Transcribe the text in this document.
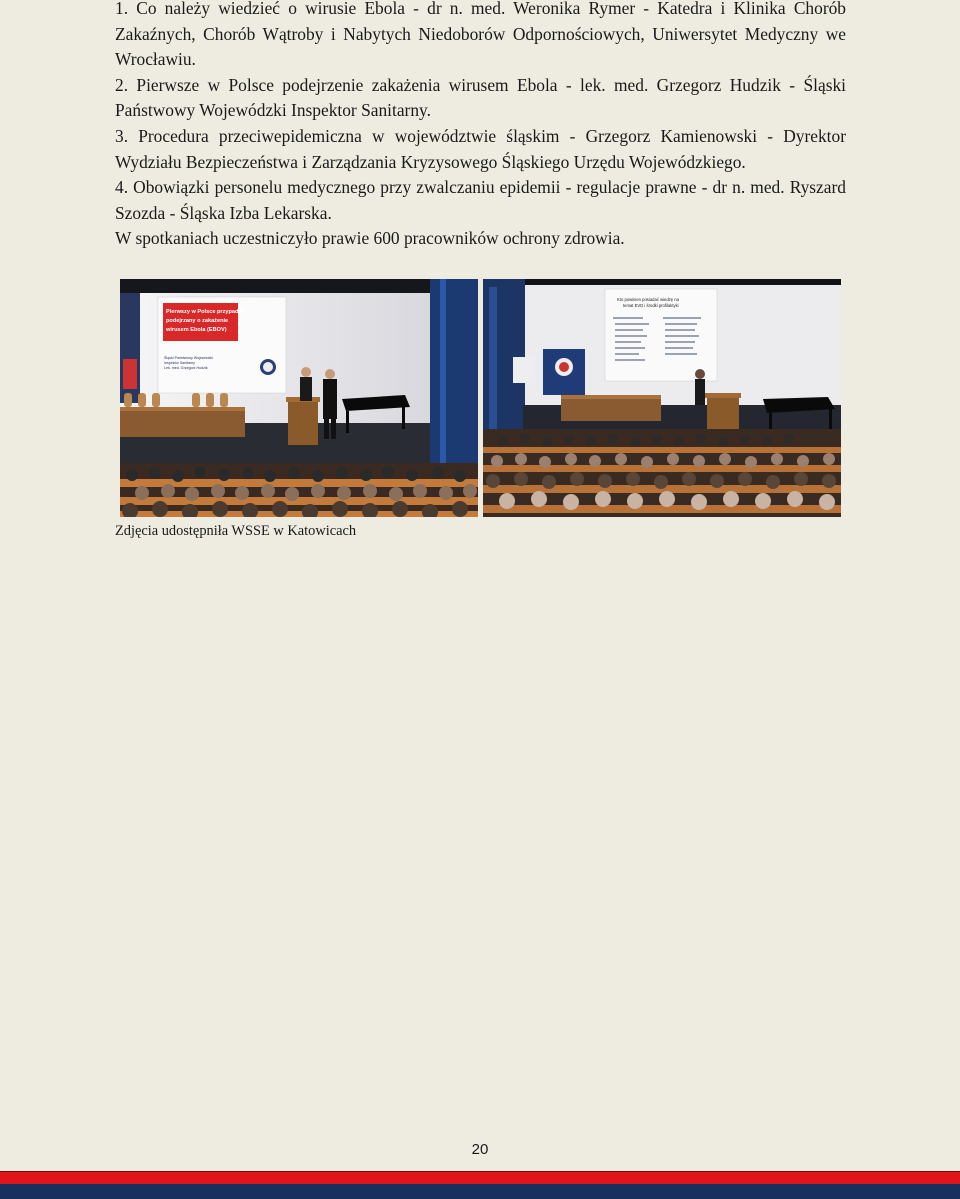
1. Co należy wiedzieć o wirusie Ebola - dr n. med. Weronika Rymer - Katedra i Klinika Chorób Zakaźnych, Chorób Wątroby i Nabytych Niedoborów Odpornościowych, Uniwersytet Medyczny we Wrocławiu.

2. Pierwsze w Polsce podejrzenie zakażenia wirusem Ebola - lek. med. Grzegorz Hudzik - Śląski Państwowy Wojewódzki Inspektor Sanitarny.

3. Procedura przeciwepidemiczna w województwie śląskim - Grzegorz Kamienowski - Dyrektor Wydziału Bezpieczeństwa i Zarządzania Kryzysowego Śląskiego Urzędu Wojewódzkiego.

4. Obowiązki personelu medycznego przy zwalczaniu epidemii - regulacje prawne - dr n. med. Ryszard Szozda - Śląska Izba Lekarska.

W spotkaniach uczestniczyło prawie 600 pracowników ochrony zdrowia.

Pierwszy w Polsce przypadek
podejrzany o zakażenie
wirusem Ebola (EBOV)
Śląski Państwowy Wojewódzki
Inspektor Sanitarny
Lek. med. Grzegorz Hudzik
Kto powinien posiadać wiedzę na
temat EVD i środki profilaktyki
Zdjęcia udostępniła WSSE w Katowicach
20
